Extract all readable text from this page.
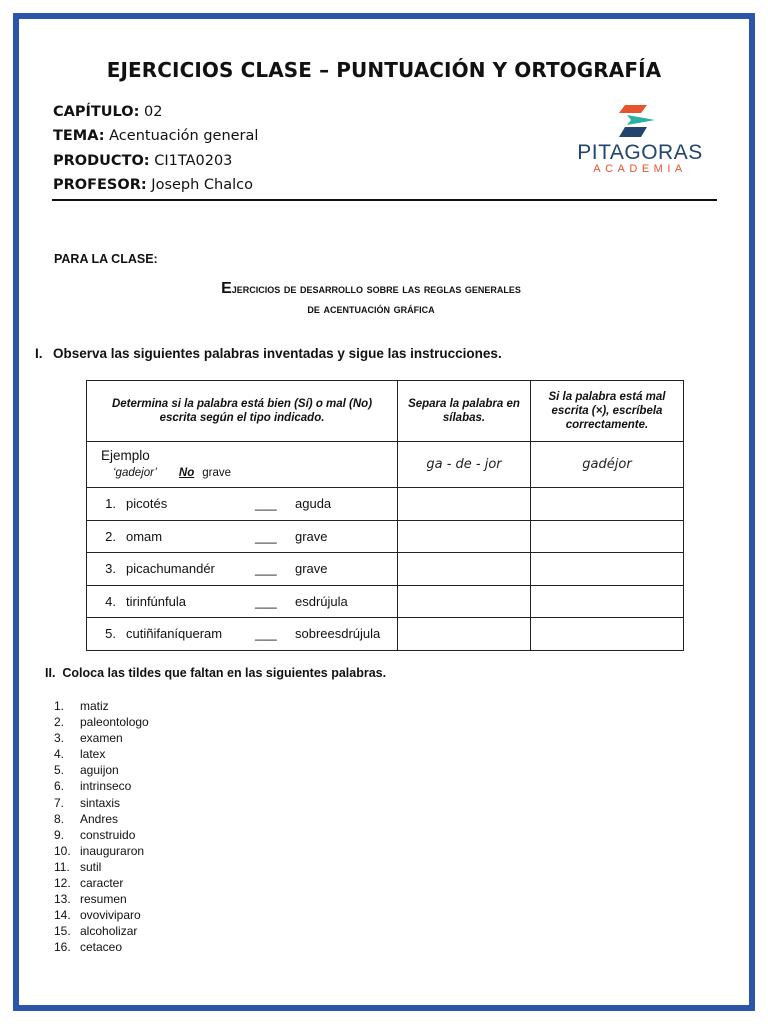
EJERCICIOS CLASE – PUNTUACIÓN Y ORTOGRAFÍA
CAPÍTULO: 02
TEMA: Acentuación general
PRODUCTO: CI1TA0203
PROFESOR: Joseph Chalco
PITAGORAS
ACADEMIA
PARA LA CLASE:
Ejercicios de desarrollo sobre las reglas generales
de acentuación gráfica
I. Observa las siguientes palabras inventadas y sigue las instrucciones.
Determina si la palabra está bien (Sí) o mal (No) escrita según el tipo indicado.	Separa la palabra en sílabas.	Si la palabra está mal escrita (×), escríbela correctamente.

Ejemplo
‘gadejor’ No grave	ga - de - jor	gadéjor

1. picotés ___ aguda		

2. omam ___ grave		

3. picachumandér ___ grave		

4. tirinfúnfula ___ esdrújula		

5. cutiñifaníqueram ___ sobreesdrújula		

II. Coloca las tildes que faltan en las siguientes palabras.
1. matiz
2. paleontologo
3. examen
4. latex
5. aguijon
6. intrinseco
7. sintaxis
8. Andres
9. construido
10. inauguraron
11. sutil
12. caracter
13. resumen
14. ovoviviparo
15. alcoholizar
16. cetaceo
